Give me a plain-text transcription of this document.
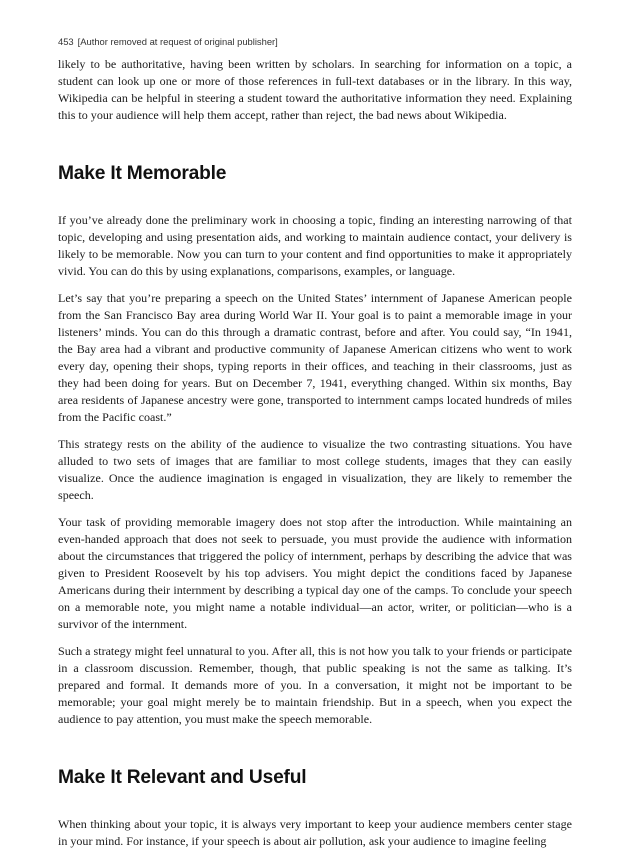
453 [Author removed at request of original publisher]

likely to be authoritative, having been written by scholars. In searching for information on a topic, a student can look up one or more of those references in full-text databases or in the library. In this way, Wikipedia can be helpful in steering a student toward the authoritative information they need. Explaining this to your audience will help them accept, rather than reject, the bad news about Wikipedia.

Make It Memorable

If you’ve already done the preliminary work in choosing a topic, finding an interesting narrowing of that topic, developing and using presentation aids, and working to maintain audience contact, your delivery is likely to be memorable. Now you can turn to your content and find opportunities to make it appropriately vivid. You can do this by using explanations, comparisons, examples, or language.

Let’s say that you’re preparing a speech on the United States’ internment of Japanese American people from the San Francisco Bay area during World War II. Your goal is to paint a memorable image in your listeners’ minds. You can do this through a dramatic contrast, before and after. You could say, “In 1941, the Bay area had a vibrant and productive community of Japanese American citizens who went to work every day, opening their shops, typing reports in their offices, and teaching in their classrooms, just as they had been doing for years. But on December 7, 1941, everything changed. Within six months, Bay area residents of Japanese ancestry were gone, transported to internment camps located hundreds of miles from the Pacific coast.”

This strategy rests on the ability of the audience to visualize the two contrasting situations. You have alluded to two sets of images that are familiar to most college students, images that they can easily visualize. Once the audience imagination is engaged in visualization, they are likely to remember the speech.

Your task of providing memorable imagery does not stop after the introduction. While maintaining an even-handed approach that does not seek to persuade, you must provide the audience with information about the circumstances that triggered the policy of internment, perhaps by describing the advice that was given to President Roosevelt by his top advisers. You might depict the conditions faced by Japanese Americans during their internment by describing a typical day one of the camps. To conclude your speech on a memorable note, you might name a notable individual—an actor, writer, or politician—who is a survivor of the internment.

Such a strategy might feel unnatural to you. After all, this is not how you talk to your friends or participate in a classroom discussion. Remember, though, that public speaking is not the same as talking. It’s prepared and formal. It demands more of you. In a conversation, it might not be important to be memorable; your goal might merely be to maintain friendship. But in a speech, when you expect the audience to pay attention, you must make the speech memorable.

Make It Relevant and Useful

When thinking about your topic, it is always very important to keep your audience members center stage in your mind. For instance, if your speech is about air pollution, ask your audience to imagine feeling
